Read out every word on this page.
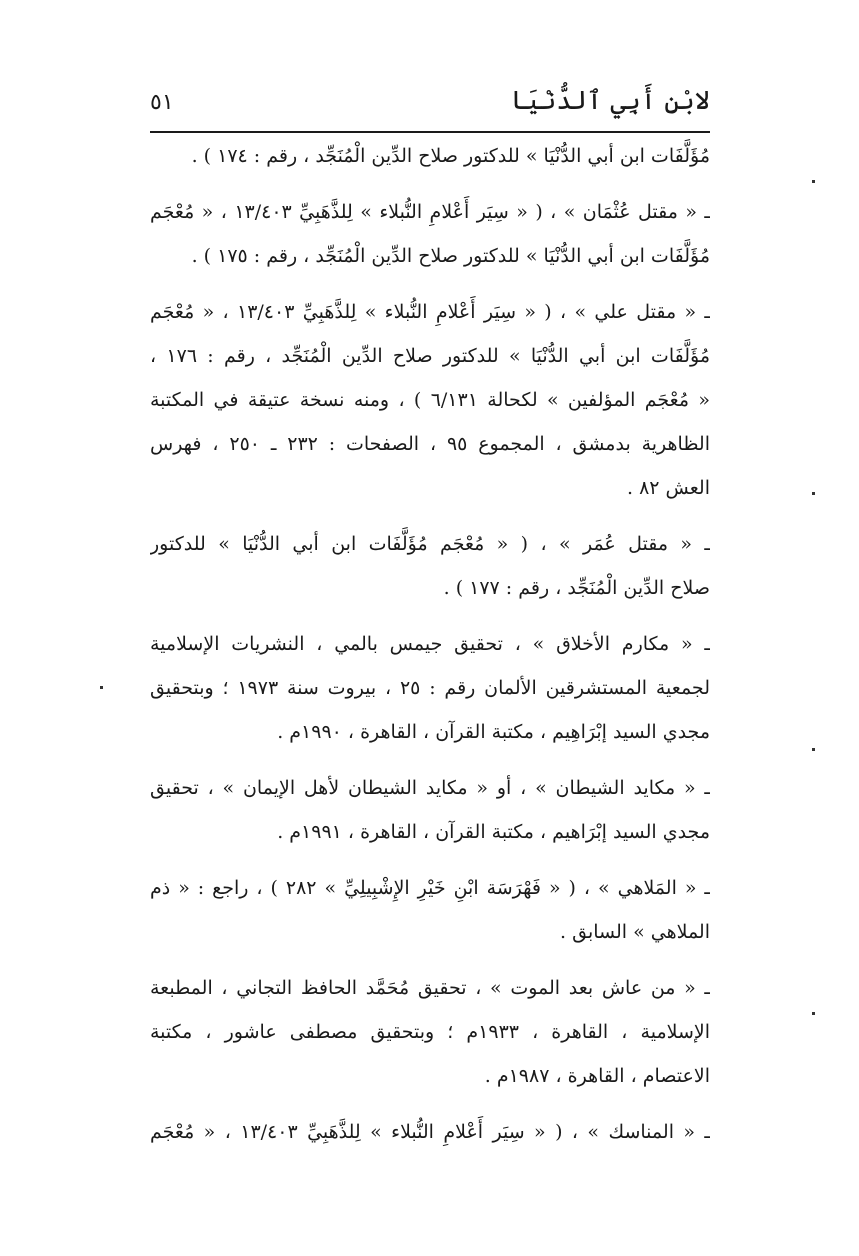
لابْنِ أَبِي ٱلدُّنْيَا
٥١
مُؤَلَّفَات ابن أبي الدُّنْيَا » للدكتور صلاح الدِّين الْمُنَجِّد ، رقم : ١٧٤ ) .
ـ « مقتل عُثْمَان » ، ( « سِيَر أَعْلامِ النُّبلاء » لِلذَّهَبِيِّ ١٣/٤٠٣ ، « مُعْجَم
مُؤَلَّفَات ابن أبي الدُّنْيَا » للدكتور صلاح الدِّين الْمُنَجِّد ، رقم : ١٧٥ ) .
ـ « مقتل علي » ، ( « سِيَر أَعْلامِ النُّبلاء » لِلذَّهَبِيِّ ١٣/٤٠٣ ، « مُعْجَم
مُؤَلَّفَات ابن أبي الدُّنْيَا » للدكتور صلاح الدِّين الْمُنَجِّد ، رقم : ١٧٦ ،
« مُعْجَم المؤلفين » لكحالة ٦/١٣١ ) ، ومنه نسخة عتيقة في المكتبة
الظاهرية بدمشق ، المجموع ٩٥ ، الصفحات : ٢٣٢ ـ ٢٥٠ ، فهرس
العش ٨٢ .
ـ « مقتل عُمَر » ، ( « مُعْجَم مُؤَلَّفَات ابن أبي الدُّنْيَا » للدكتور
صلاح الدِّين الْمُنَجِّد ، رقم : ١٧٧ ) .
ـ « مكارم الأخلاق » ، تحقيق جيمس بالمي ، النشريات الإسلامية
لجمعية المستشرقين الألمان رقم : ٢٥ ، بيروت سنة ١٩٧٣ ؛ وبتحقيق
مجدي السيد إبْرَاهِيم ، مكتبة القرآن ، القاهرة ، ١٩٩٠م .
ـ « مكايد الشيطان » ، أو « مكايد الشيطان لأهل الإيمان » ، تحقيق
مجدي السيد إبْرَاهيم ، مكتبة القرآن ، القاهرة ، ١٩٩١م .
ـ « المَلاهي » ، ( « فَهْرَسَة ابْنِ خَيْرِ الإِشْبِيلِيِّ » ٢٨٢ ) ، راجع : « ذم
الملاهي » السابق .
ـ « من عاش بعد الموت » ، تحقيق مُحَمَّد الحافظ التجاني ، المطبعة
الإسلامية ، القاهرة ، ١٩٣٣م ؛ وبتحقيق مصطفى عاشور ، مكتبة
الاعتصام ، القاهرة ، ١٩٨٧م .
ـ « المناسك » ، ( « سِيَر أَعْلامِ النُّبلاء » لِلذَّهَبِيِّ ١٣/٤٠٣ ، « مُعْجَم
